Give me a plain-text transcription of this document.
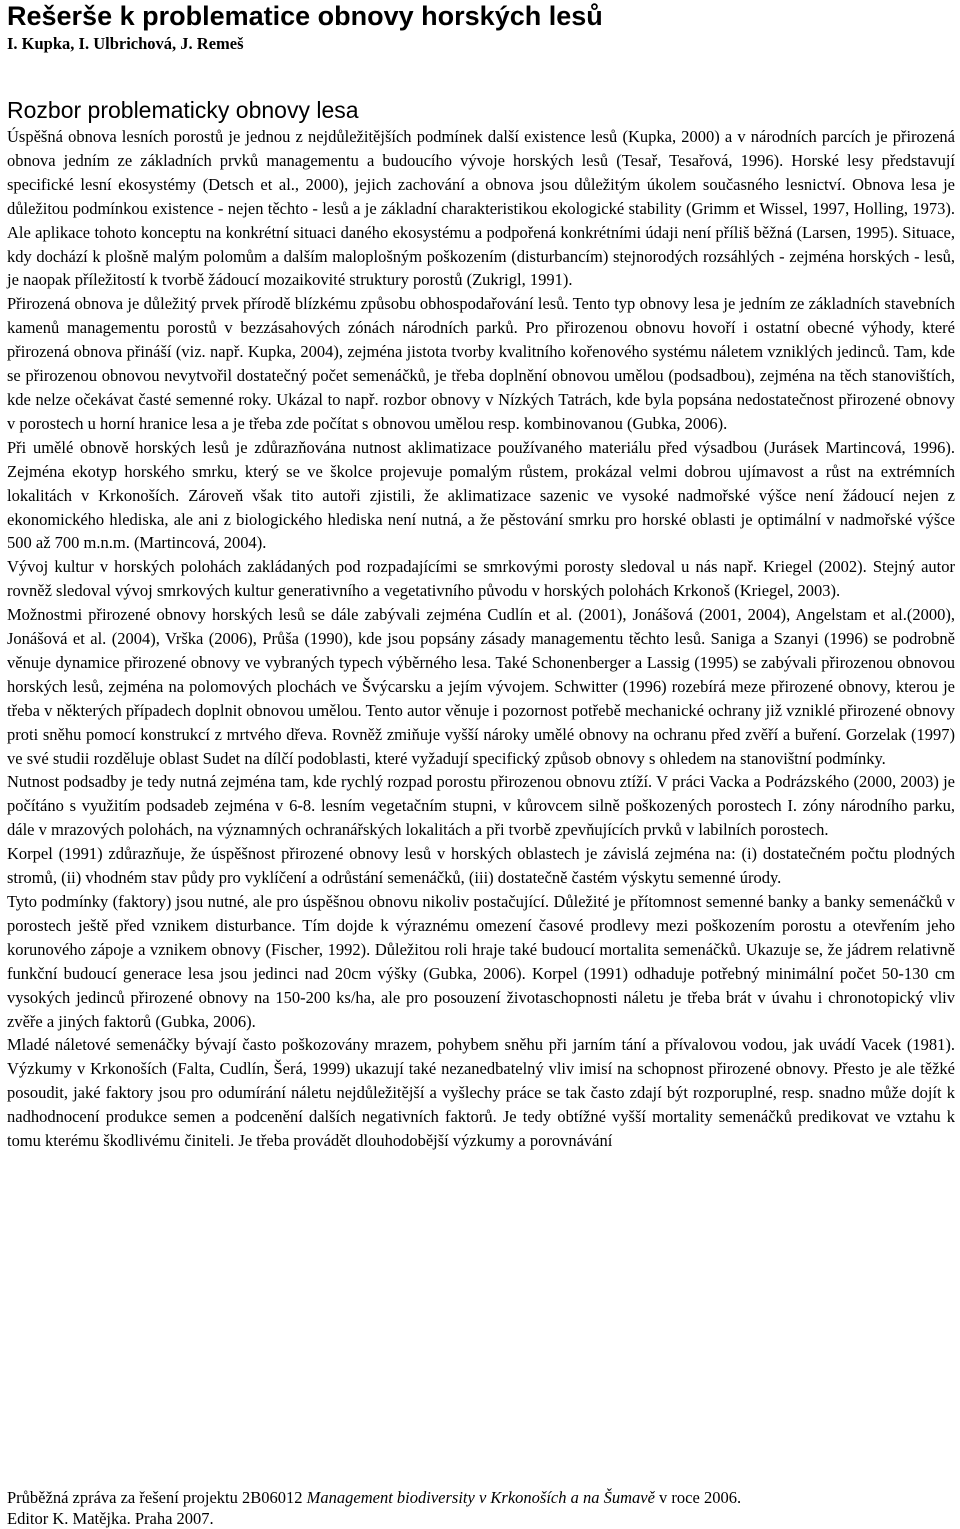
Rešerše k problematice obnovy horských lesů
I. Kupka, I. Ulbrichová, J. Remeš
Rozbor problematicky obnovy lesa

Úspěšná obnova lesních porostů je jednou z nejdůležitějších podmínek další existence lesů (Kupka, 2000) a v národních parcích je přirozená obnova jedním ze základních prvků managementu a budoucího vývoje horských lesů (Tesař, Tesařová, 1996). Horské lesy představují specifické lesní ekosystémy (Detsch et al., 2000), jejich zachování a obnova jsou důležitým úkolem současného lesnictví. Obnova lesa je důležitou podmínkou existence - nejen těchto - lesů a je základní charakteristikou ekologické stability (Grimm et Wissel, 1997, Holling, 1973). Ale aplikace tohoto konceptu na konkrétní situaci daného ekosystému a podpořená konkrétními údaji není příliš běžná (Larsen, 1995). Situace, kdy dochází k plošně malým polomům a dalším maloplošným poškozením (disturbancím) stejnorodých rozsáhlých - zejména horských - lesů, je naopak příležitostí k tvorbě žádoucí mozaikovité struktury porostů (Zukrigl, 1991).

Přirozená obnova je důležitý prvek přírodě blízkému způsobu obhospodařování lesů. Tento typ obnovy lesa je jedním ze základních stavebních kamenů managementu porostů v bezzásahových zónách národních parků. Pro přirozenou obnovu hovoří i ostatní obecné výhody, které přirozená obnova přináší (viz. např. Kupka, 2004), zejména jistota tvorby kvalitního kořenového systému náletem vzniklých jedinců. Tam, kde se přirozenou obnovou nevytvořil dostatečný počet semenáčků, je třeba doplnění obnovou umělou (podsadbou), zejména na těch stanovištích, kde nelze očekávat časté semenné roky. Ukázal to např. rozbor obnovy v Nízkých Tatrách, kde byla popsána nedostatečnost přirozené obnovy v porostech u horní hranice lesa a je třeba zde počítat s obnovou umělou resp. kombinovanou (Gubka, 2006).

Při umělé obnově horských lesů je zdůrazňována nutnost aklimatizace používaného materiálu před výsadbou (Jurásek Martincová, 1996). Zejména ekotyp horského smrku, který se ve školce projevuje pomalým růstem, prokázal velmi dobrou ujímavost a růst na extrémních lokalitách v Krkonoších. Zároveň však tito autoři zjistili, že aklimatizace sazenic ve vysoké nadmořské výšce není žádoucí nejen z ekonomického hlediska, ale ani z biologického hlediska není nutná, a že pěstování smrku pro horské oblasti je optimální v nadmořské výšce 500 až 700 m.n.m. (Martincová, 2004).

Vývoj kultur v horských polohách zakládaných pod rozpadajícími se smrkovými porosty sledoval u nás např. Kriegel (2002). Stejný autor rovněž sledoval vývoj smrkových kultur generativního a vegetativního původu v horských polohách Krkonoš (Kriegel, 2003).

Možnostmi přirozené obnovy horských lesů se dále zabývali zejména Cudlín et al. (2001), Jonášová (2001, 2004), Angelstam et al.(2000), Jonášová et al. (2004), Vrška (2006), Průša (1990), kde jsou popsány zásady managementu těchto lesů. Saniga a Szanyi (1996) se podrobně věnuje dynamice přirozené obnovy ve vybraných typech výběrného lesa. Také Schonenberger a Lassig (1995) se zabývali přirozenou obnovou horských lesů, zejména na polomových plochách ve Švýcarsku a jejím vývojem. Schwitter (1996) rozebírá meze přirozené obnovy, kterou je třeba v některých případech doplnit obnovou umělou. Tento autor věnuje i pozornost potřebě mechanické ochrany již vzniklé přirozené obnovy proti sněhu pomocí konstrukcí z mrtvého dřeva. Rovněž zmiňuje vyšší nároky umělé obnovy na ochranu před zvěří a buření. Gorzelak (1997) ve své studii rozděluje oblast Sudet na dílčí podoblasti, které vyžadují specifický způsob obnovy s ohledem na stanovištní podmínky.

Nutnost podsadby je tedy nutná zejména tam, kde rychlý rozpad porostu přirozenou obnovu ztíží. V práci Vacka a Podrázského (2000, 2003) je počítáno s využitím podsadeb zejména v 6-8. lesním vegetačním stupni, v kůrovcem silně poškozených porostech I. zóny národního parku, dále v mrazových polohách, na významných ochranářských lokalitách a při tvorbě zpevňujících prvků v labilních porostech.

Korpel (1991) zdůrazňuje, že úspěšnost přirozené obnovy lesů v horských oblastech je závislá zejména na: (i) dostatečném počtu plodných stromů, (ii) vhodném stav půdy pro vyklíčení a odrůstání semenáčků, (iii) dostatečně častém výskytu semenné úrody.

Tyto podmínky (faktory) jsou nutné, ale pro úspěšnou obnovu nikoliv postačující. Důležité je přítomnost semenné banky a banky semenáčků v porostech ještě před vznikem disturbance. Tím dojde k výraznému omezení časové prodlevy mezi poškozením porostu a otevřením jeho korunového zápoje a vznikem obnovy (Fischer, 1992). Důležitou roli hraje také budoucí mortalita semenáčků. Ukazuje se, že jádrem relativně funkční budoucí generace lesa jsou jedinci nad 20cm výšky (Gubka, 2006). Korpel (1991) odhaduje potřebný minimální počet 50-130 cm vysokých jedinců přirozené obnovy na 150-200 ks/ha, ale pro posouzení životaschopnosti náletu je třeba brát v úvahu i chronotopický vliv zvěře a jiných faktorů (Gubka, 2006).

Mladé náletové semenáčky bývají často poškozovány mrazem, pohybem sněhu při jarním tání a přívalovou vodou, jak uvádí Vacek (1981). Výzkumy v Krkonoších (Falta, Cudlín, Šerá, 1999) ukazují také nezanedbatelný vliv imisí na schopnost přirozené obnovy. Přesto je ale těžké posoudit, jaké faktory jsou pro odumírání náletu nejdůležitější a vyšlechy práce se tak často zdají být rozporuplné, resp. snadno může dojít k nadhodnocení produkce semen a podcenění dalších negativních faktorů. Je tedy obtížné vyšší mortality semenáčků predikovat ve vztahu k tomu kterému škodlivému činiteli. Je třeba provádět dlouhodobější výzkumy a porovnávání

Průběžná zpráva za řešení projektu 2B06012 Management biodiversity v Krkonoších a na Šumavě v roce 2006.

Editor K. Matějka. Praha 2007.
